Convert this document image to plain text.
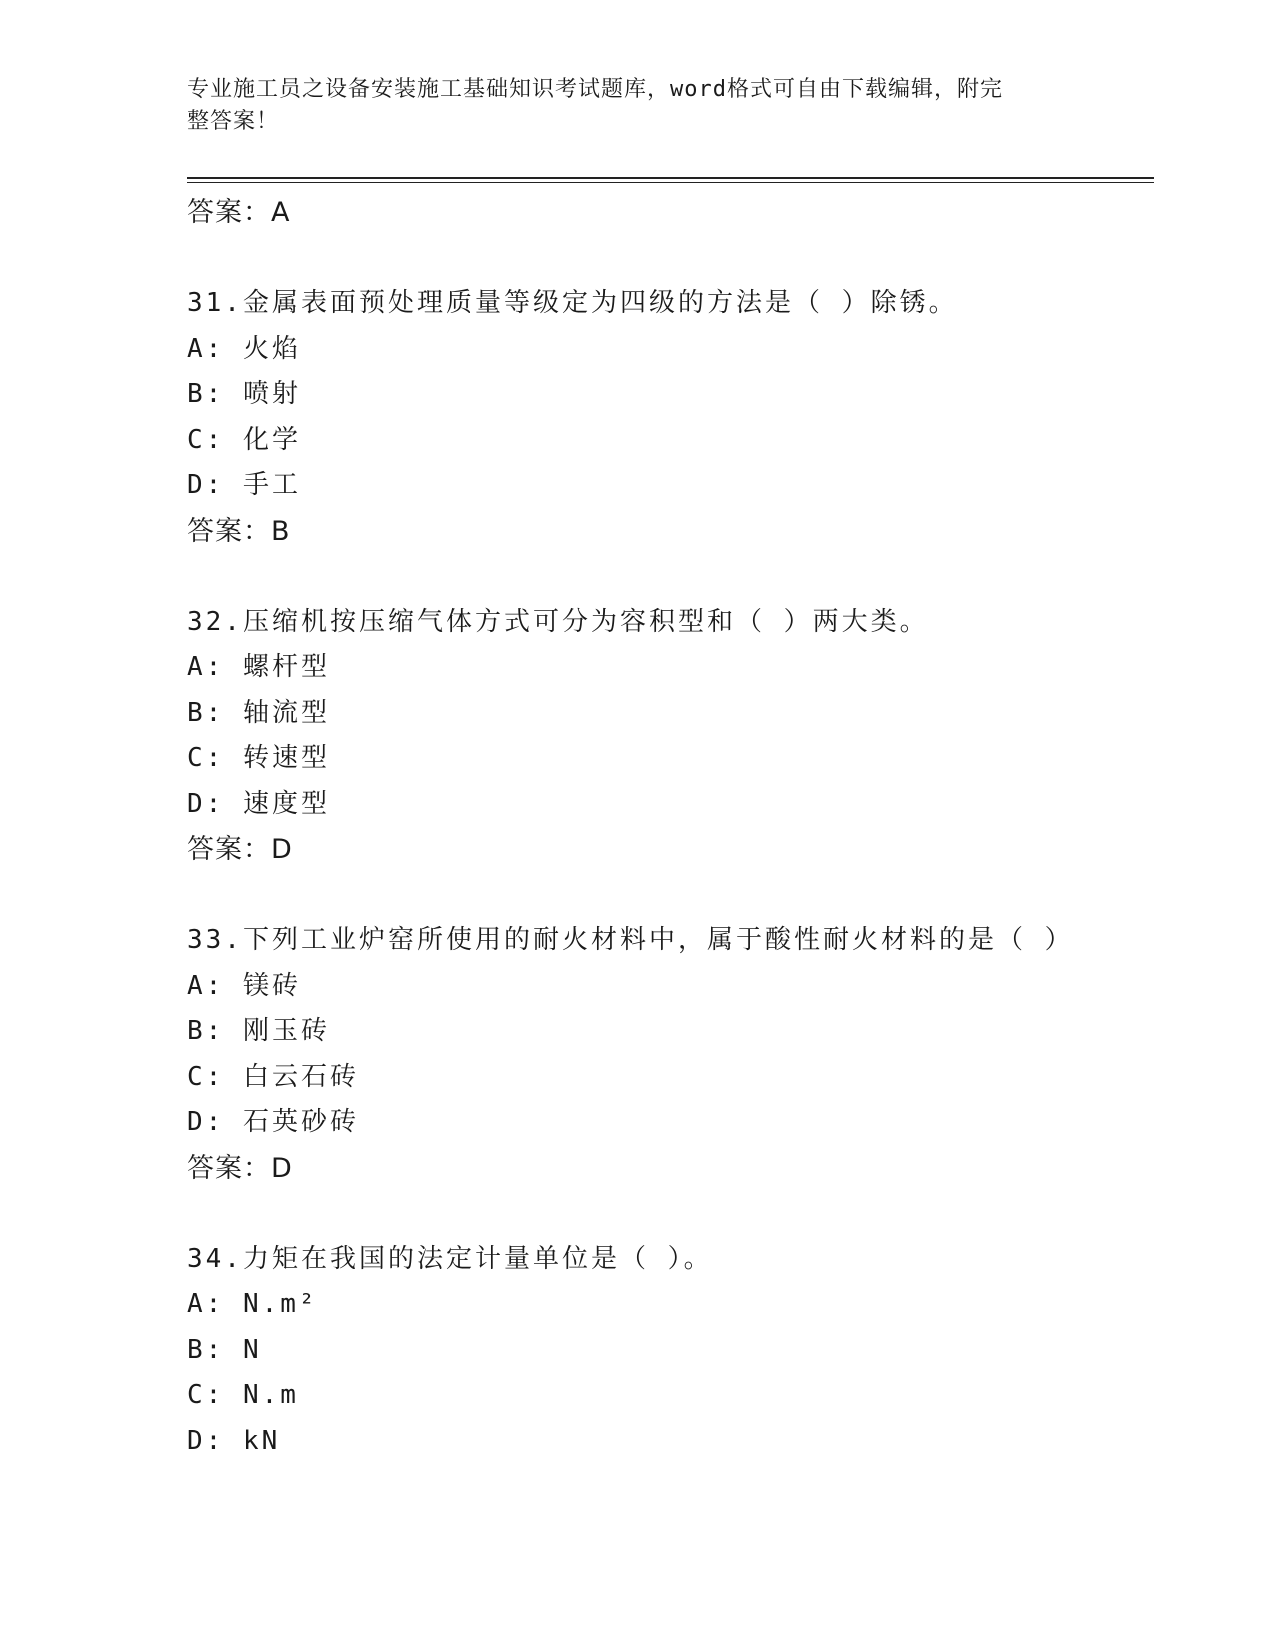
专业施工员之设备安装施工基础知识考试题库，word格式可自由下载编辑，附完
整答案！
答案：A
31.金属表面预处理质量等级定为四级的方法是（ ）除锈。
A: 火焰
B: 喷射
C: 化学
D: 手工
答案：B
32.压缩机按压缩气体方式可分为容积型和（ ）两大类。
A: 螺杆型
B: 轴流型
C: 转速型
D: 速度型
答案：D
33.下列工业炉窑所使用的耐火材料中，属于酸性耐火材料的是（ ）
A: 镁砖
B: 刚玉砖
C: 白云石砖
D: 石英砂砖
答案：D
34.力矩在我国的法定计量单位是（ ）。
A: N.m²
B: N
C: N.m
D: kN
